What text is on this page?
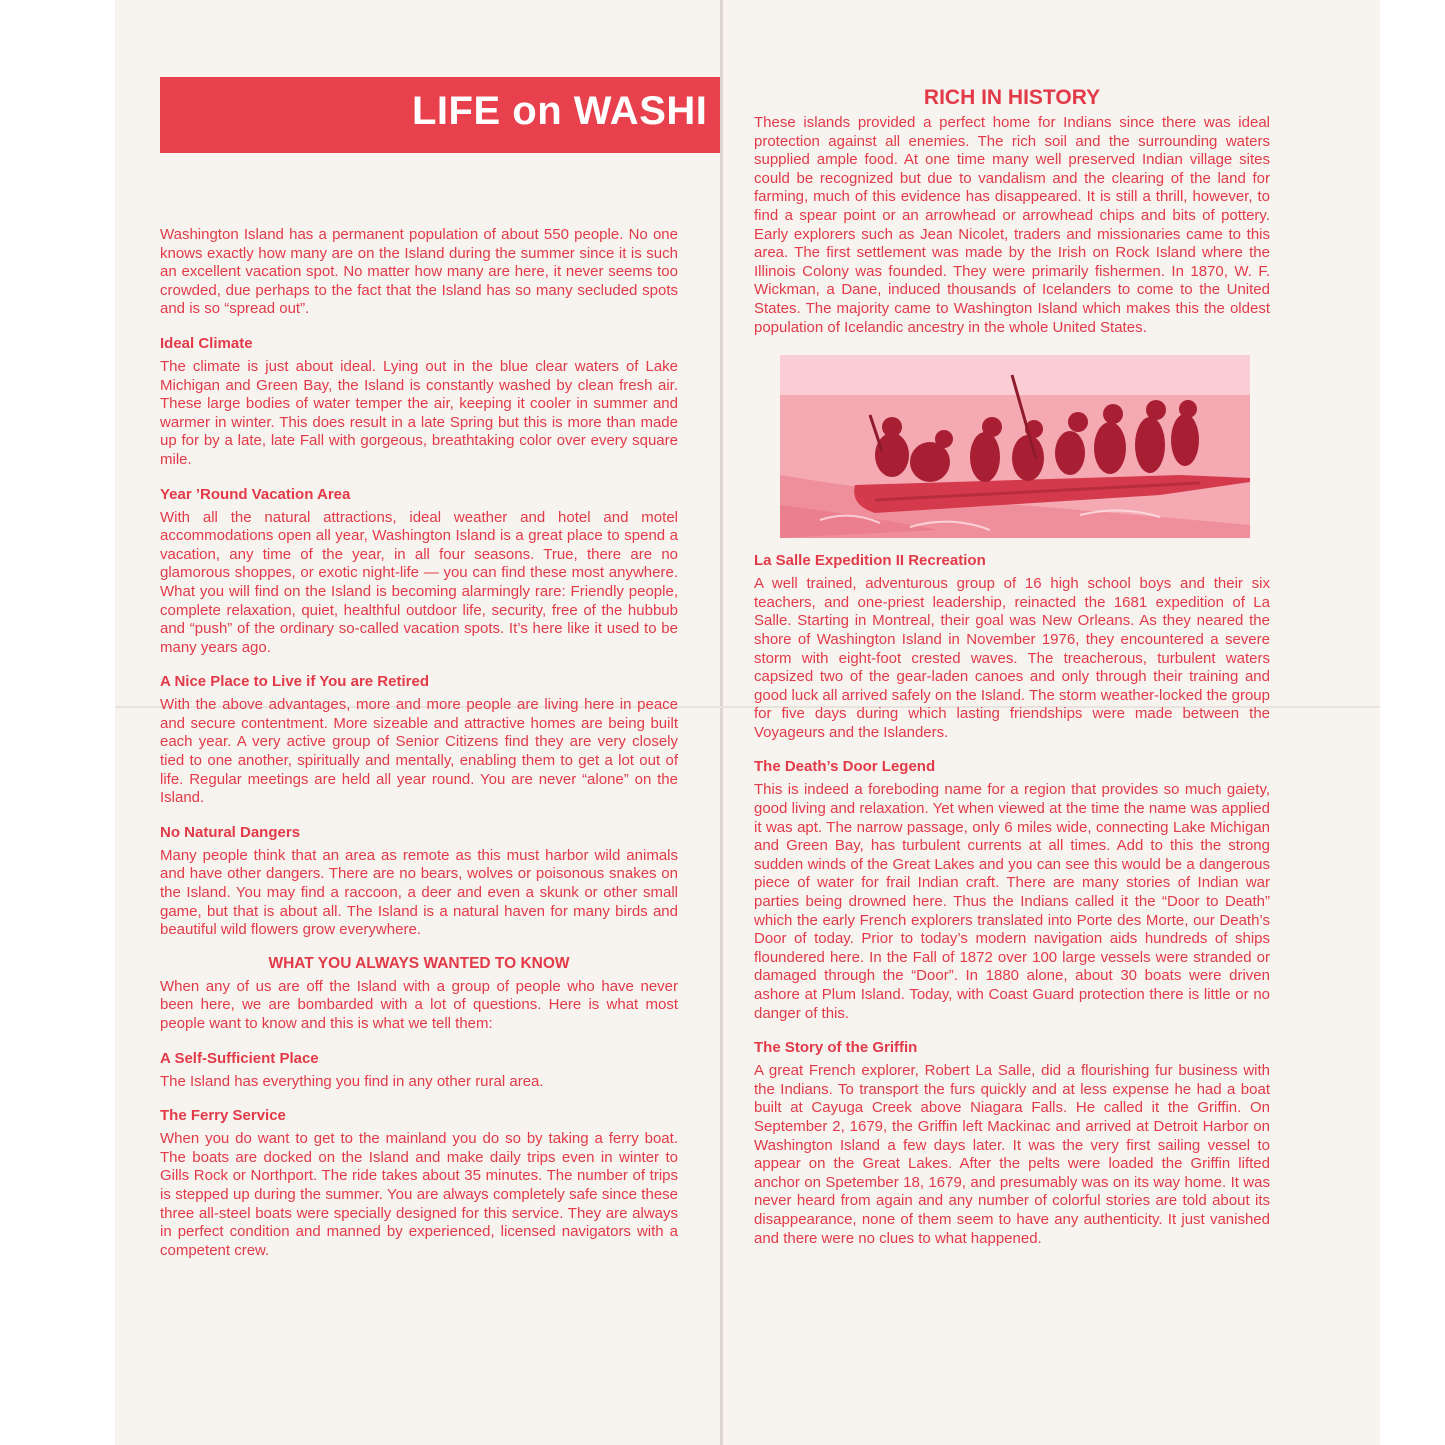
LIFE on WASHI

Washington Island has a permanent population of about 550 people. No one knows exactly how many are on the Island during the summer since it is such an excellent vacation spot. No matter how many are here, it never seems too crowded, due perhaps to the fact that the Island has so many secluded spots and is so “spread out”.

Ideal Climate

The climate is just about ideal. Lying out in the blue clear waters of Lake Michigan and Green Bay, the Island is constantly washed by clean fresh air. These large bodies of water temper the air, keeping it cooler in summer and warmer in winter. This does result in a late Spring but this is more than made up for by a late, late Fall with gorgeous, breathtaking color over every square mile.

Year ’Round Vacation Area

With all the natural attractions, ideal weather and hotel and motel accommodations open all year, Washington Island is a great place to spend a vacation, any time of the year, in all four seasons. True, there are no glamorous shoppes, or exotic night-life — you can find these most anywhere. What you will find on the Island is becoming alarmingly rare: Friendly people, complete relaxation, quiet, healthful outdoor life, security, free of the hubbub and “push” of the ordinary so-called vacation spots. It’s here like it used to be many years ago.

A Nice Place to Live if You are Retired

With the above advantages, more and more people are living here in peace and secure contentment. More sizeable and attractive homes are being built each year. A very active group of Senior Citizens find they are very closely tied to one another, spiritually and mentally, enabling them to get a lot out of life. Regular meetings are held all year round. You are never “alone” on the Island.

No Natural Dangers

Many people think that an area as remote as this must harbor wild animals and have other dangers. There are no bears, wolves or poisonous snakes on the Island. You may find a raccoon, a deer and even a skunk or other small game, but that is about all. The Island is a natural haven for many birds and beautiful wild flowers grow everywhere.

WHAT YOU ALWAYS WANTED TO KNOW

When any of us are off the Island with a group of people who have never been here, we are bombarded with a lot of questions. Here is what most people want to know and this is what we tell them:

A Self-Sufficient Place

The Island has everything you find in any other rural area.

The Ferry Service

When you do want to get to the mainland you do so by taking a ferry boat. The boats are docked on the Island and make daily trips even in winter to Gills Rock or Northport. The ride takes about 35 minutes. The number of trips is stepped up during the summer. You are always completely safe since these three all-steel boats were specially designed for this service. They are always in perfect condition and manned by experienced, licensed navigators with a competent crew.

RICH IN HISTORY

These islands provided a perfect home for Indians since there was ideal protection against all enemies. The rich soil and the surrounding waters supplied ample food. At one time many well preserved Indian village sites could be recognized but due to vandalism and the clearing of the land for farming, much of this evidence has disappeared. It is still a thrill, however, to find a spear point or an arrowhead or arrowhead chips and bits of pottery. Early explorers such as Jean Nicolet, traders and missionaries came to this area. The first settlement was made by the Irish on Rock Island where the Illinois Colony was founded. They were primarily fishermen. In 1870, W. F. Wickman, a Dane, induced thousands of Icelanders to come to the United States. The majority came to Washington Island which makes this the oldest population of Icelandic ancestry in the whole United States.

La Salle Expedition II Recreation

A well trained, adventurous group of 16 high school boys and their six teachers, and one-priest leadership, reinacted the 1681 expedition of La Salle. Starting in Montreal, their goal was New Orleans. As they neared the shore of Washington Island in November 1976, they encountered a severe storm with eight-foot crested waves. The treacherous, turbulent waters capsized two of the gear-laden canoes and only through their training and good luck all arrived safely on the Island. The storm weather-locked the group for five days during which lasting friendships were made between the Voyageurs and the Islanders.

The Death’s Door Legend

This is indeed a foreboding name for a region that provides so much gaiety, good living and relaxation. Yet when viewed at the time the name was applied it was apt. The narrow passage, only 6 miles wide, connecting Lake Michigan and Green Bay, has turbulent currents at all times. Add to this the strong sudden winds of the Great Lakes and you can see this would be a dangerous piece of water for frail Indian craft. There are many stories of Indian war parties being drowned here. Thus the Indians called it the “Door to Death” which the early French explorers translated into Porte des Morte, our Death’s Door of today. Prior to today’s modern navigation aids hundreds of ships floundered here. In the Fall of 1872 over 100 large vessels were stranded or damaged through the “Door”. In 1880 alone, about 30 boats were driven ashore at Plum Island. Today, with Coast Guard protection there is little or no danger of this.

The Story of the Griffin

A great French explorer, Robert La Salle, did a flourishing fur business with the Indians. To transport the furs quickly and at less expense he had a boat built at Cayuga Creek above Niagara Falls. He called it the Griffin. On September 2, 1679, the Griffin left Mackinac and arrived at Detroit Harbor on Washington Island a few days later. It was the very first sailing vessel to appear on the Great Lakes. After the pelts were loaded the Griffin lifted anchor on Spetember 18, 1679, and presumably was on its way home. It was never heard from again and any number of colorful stories are told about its disappearance, none of them seem to have any authenticity. It just vanished and there were no clues to what happened.
